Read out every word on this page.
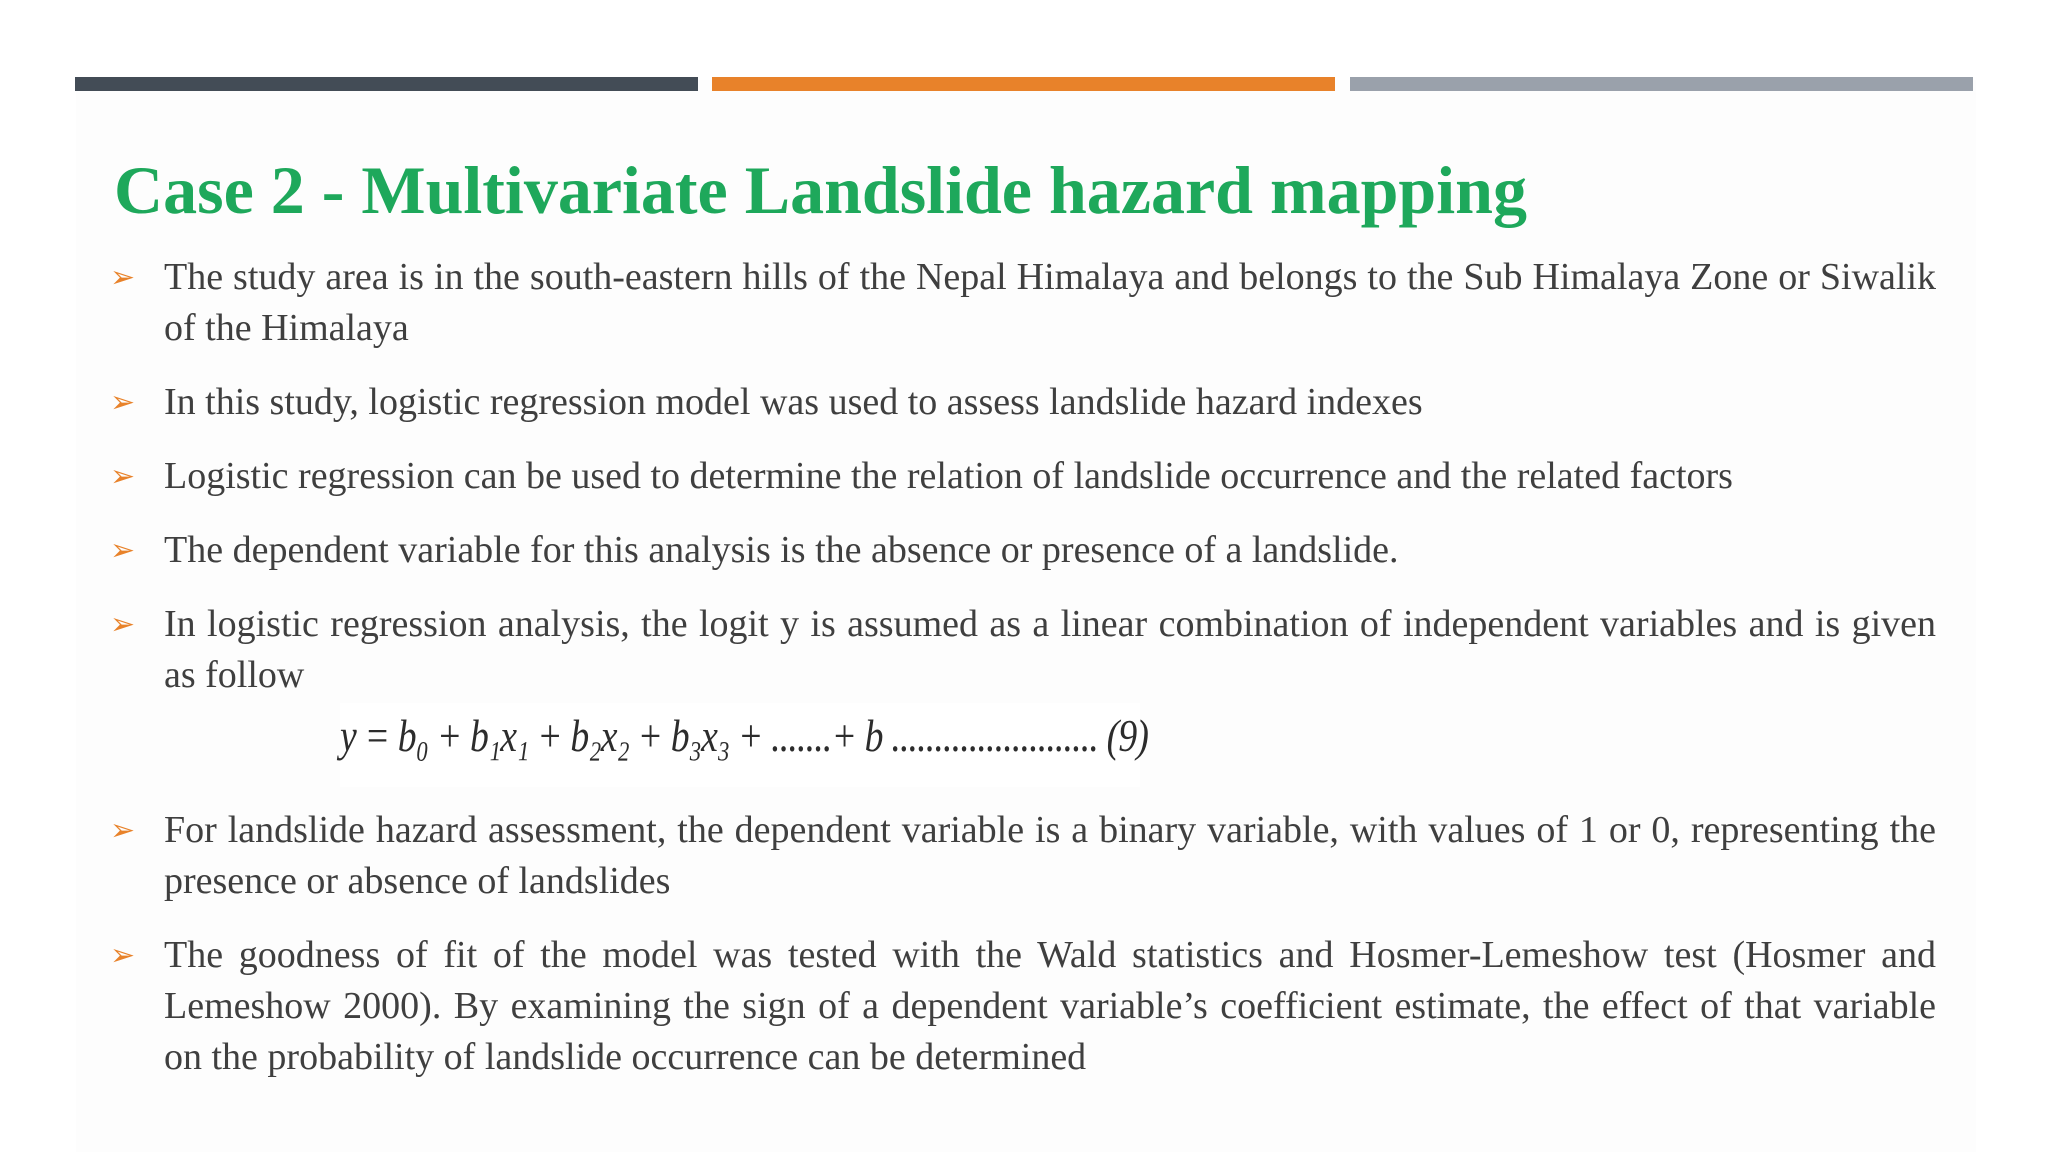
Case 2 - Multivariate Landslide hazard mapping
➢ The study area is in the south-eastern hills of the Nepal Himalaya and belongs to the Sub Himalaya Zone or Siwalik of the Himalaya
➢ In this study, logistic regression model was used to assess landslide hazard indexes
➢ Logistic regression can be used to determine the relation of landslide occurrence and the related factors
➢ The dependent variable for this analysis is the absence or presence of a landslide.
➢ In logistic regression analysis, the logit y is assumed as a linear combination of independent variables and is given as follow
y = b₀ + b₁x₁ + b₂x₂ + b₃x₃ + .......+ b ........................ (9)
➢ For landslide hazard assessment, the dependent variable is a binary variable, with values of 1 or 0, representing the presence or absence of landslides
➢ The goodness of fit of the model was tested with the Wald statistics and Hosmer-Lemeshow test (Hosmer and Lemeshow 2000). By examining the sign of a dependent variable’s coefficient estimate, the effect of that variable on the probability of landslide occurrence can be determined
